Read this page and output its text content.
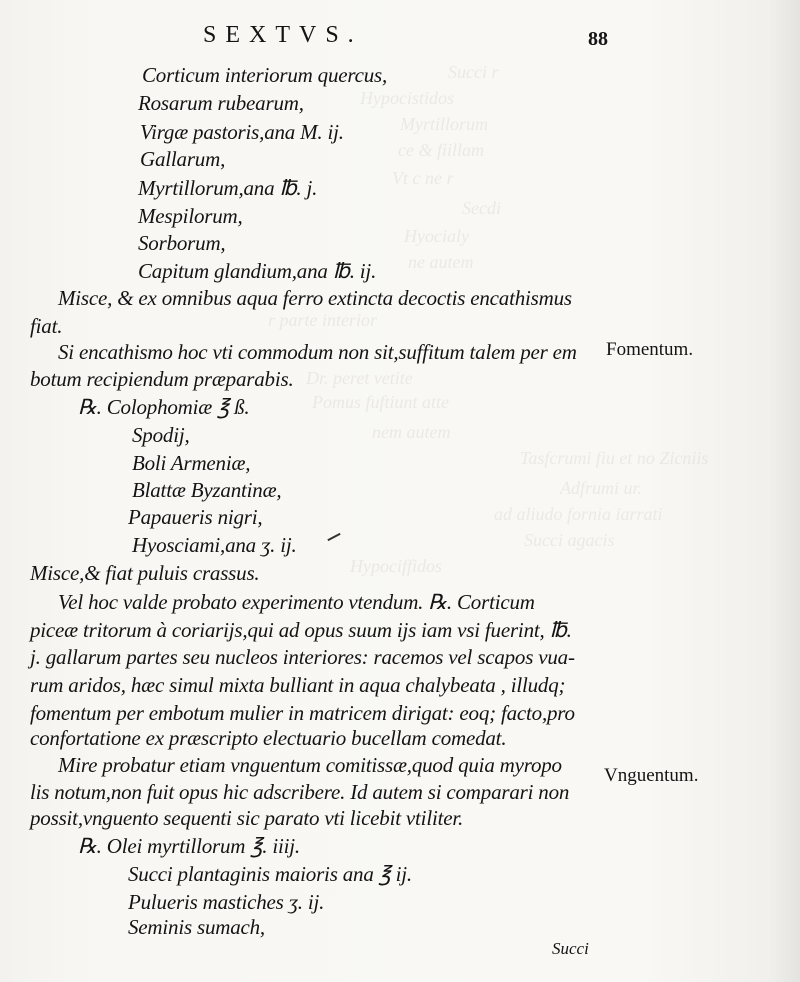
Succi r
Hypocistidos
Myrtillorum
ce & fiillam
Vt c ne r
Secdi
Hyocialy
ne autem
r parte interior
Dr. peret vetite
Pomus fuftiunt atte
nem autem
Tasfcrumi fiu et no Zicniis
Adfrumi ur.
ad aliudo fornia iarrati
Succi agacis
Hypociffidos
SEXTVS.	88
Corticum interiorum quercus,
Rosarum rubearum,
Virgæ pastoris,ana M. ij.
Gallarum,
Myrtillorum,ana ℔. j.
Mespilorum,
Sorborum,
Capitum glandium,ana ℔. ij.
Misce, & ex omnibus aqua ferro extincta decoctis encathismus
fiat.
Si encathismo hoc vti commodum non sit,suffitum talem per em
botum recipiendum præparabis.
℞. Colophomiæ ℥ ß.
Spodij,
Boli Armeniæ,
Blattæ Byzantinæ,
Papaueris nigri,
Hyosciami,ana ʒ. ij.
Misce,& fiat puluis crassus.
Vel hoc valde probato experimento vtendum. ℞. Corticum
piceæ tritorum à coriarijs,qui ad opus suum ijs iam vsi fuerint, ℔.
j. gallarum partes seu nucleos interiores: racemos vel scapos vua-
rum aridos, hæc simul mixta bulliant in aqua chalybeata , illudq;
fomentum per embotum mulier in matricem dirigat: eoq; facto,pro
confortatione ex præscripto electuario bucellam comedat.
Mire probatur etiam vnguentum comitissæ,quod quia myropo
lis notum,non fuit opus hic adscribere. Id autem si comparari non
possit,vnguento sequenti sic parato vti licebit vtiliter.
℞. Olei myrtillorum ℥. iiij.
Succi plantaginis maioris ana ℥ ij.
Pulueris mastiches ʒ. ij.
Seminis sumach,
Fomentum.
Vnguentum.
Succi
